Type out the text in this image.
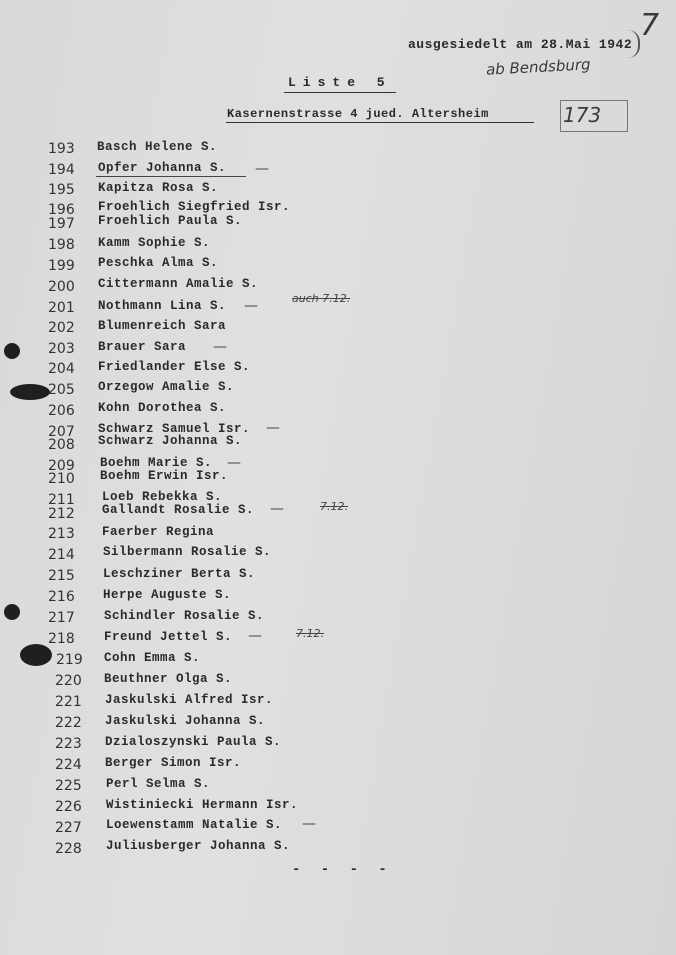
7
ausgesiedelt am 28.Mai 1942
ab Bendsburg
Liste 5
Kasernenstrasse 4 jued. Altersheim	173
193 Basch Helene S.
194 Opfer Johanna S. —
195 Kapitza Rosa S.
196 Froehlich Siegfried Isr.
197 Froehlich Paula S.
198 Kamm Sophie S.
199 Peschka Alma S.
200 Cittermann Amalie S.
201 Nothmann Lina S. —	auch 7.12.
202 Blumenreich Sara
203 Brauer Sara —
204 Friedlander Else S.
205 Orzegow Amalie S.
206 Kohn Dorothea S.
207 Schwarz Samuel Isr. —
208 Schwarz Johanna S.
209 Boehm Marie S. —
210 Boehm Erwin Isr.
211 Loeb Rebekka S.
212 Gallandt Rosalie S. —	7.12.
213 Faerber Regina
214 Silbermann Rosalie S.
215 Leschziner Berta S.
216 Herpe Auguste S.
217 Schindler Rosalie S.
218 Freund Jettel S. —	7.12.
219 Cohn Emma S.
220 Beuthner Olga S.
221 Jaskulski Alfred Isr.
222 Jaskulski Johanna S.
223 Dzialoszynski Paula S.
224 Berger Simon Isr.
225 Perl Selma S.
226 Wistiniecki Hermann Isr.
227 Loewenstamm Natalie S. —
228 Juliusberger Johanna S.
- - - -
